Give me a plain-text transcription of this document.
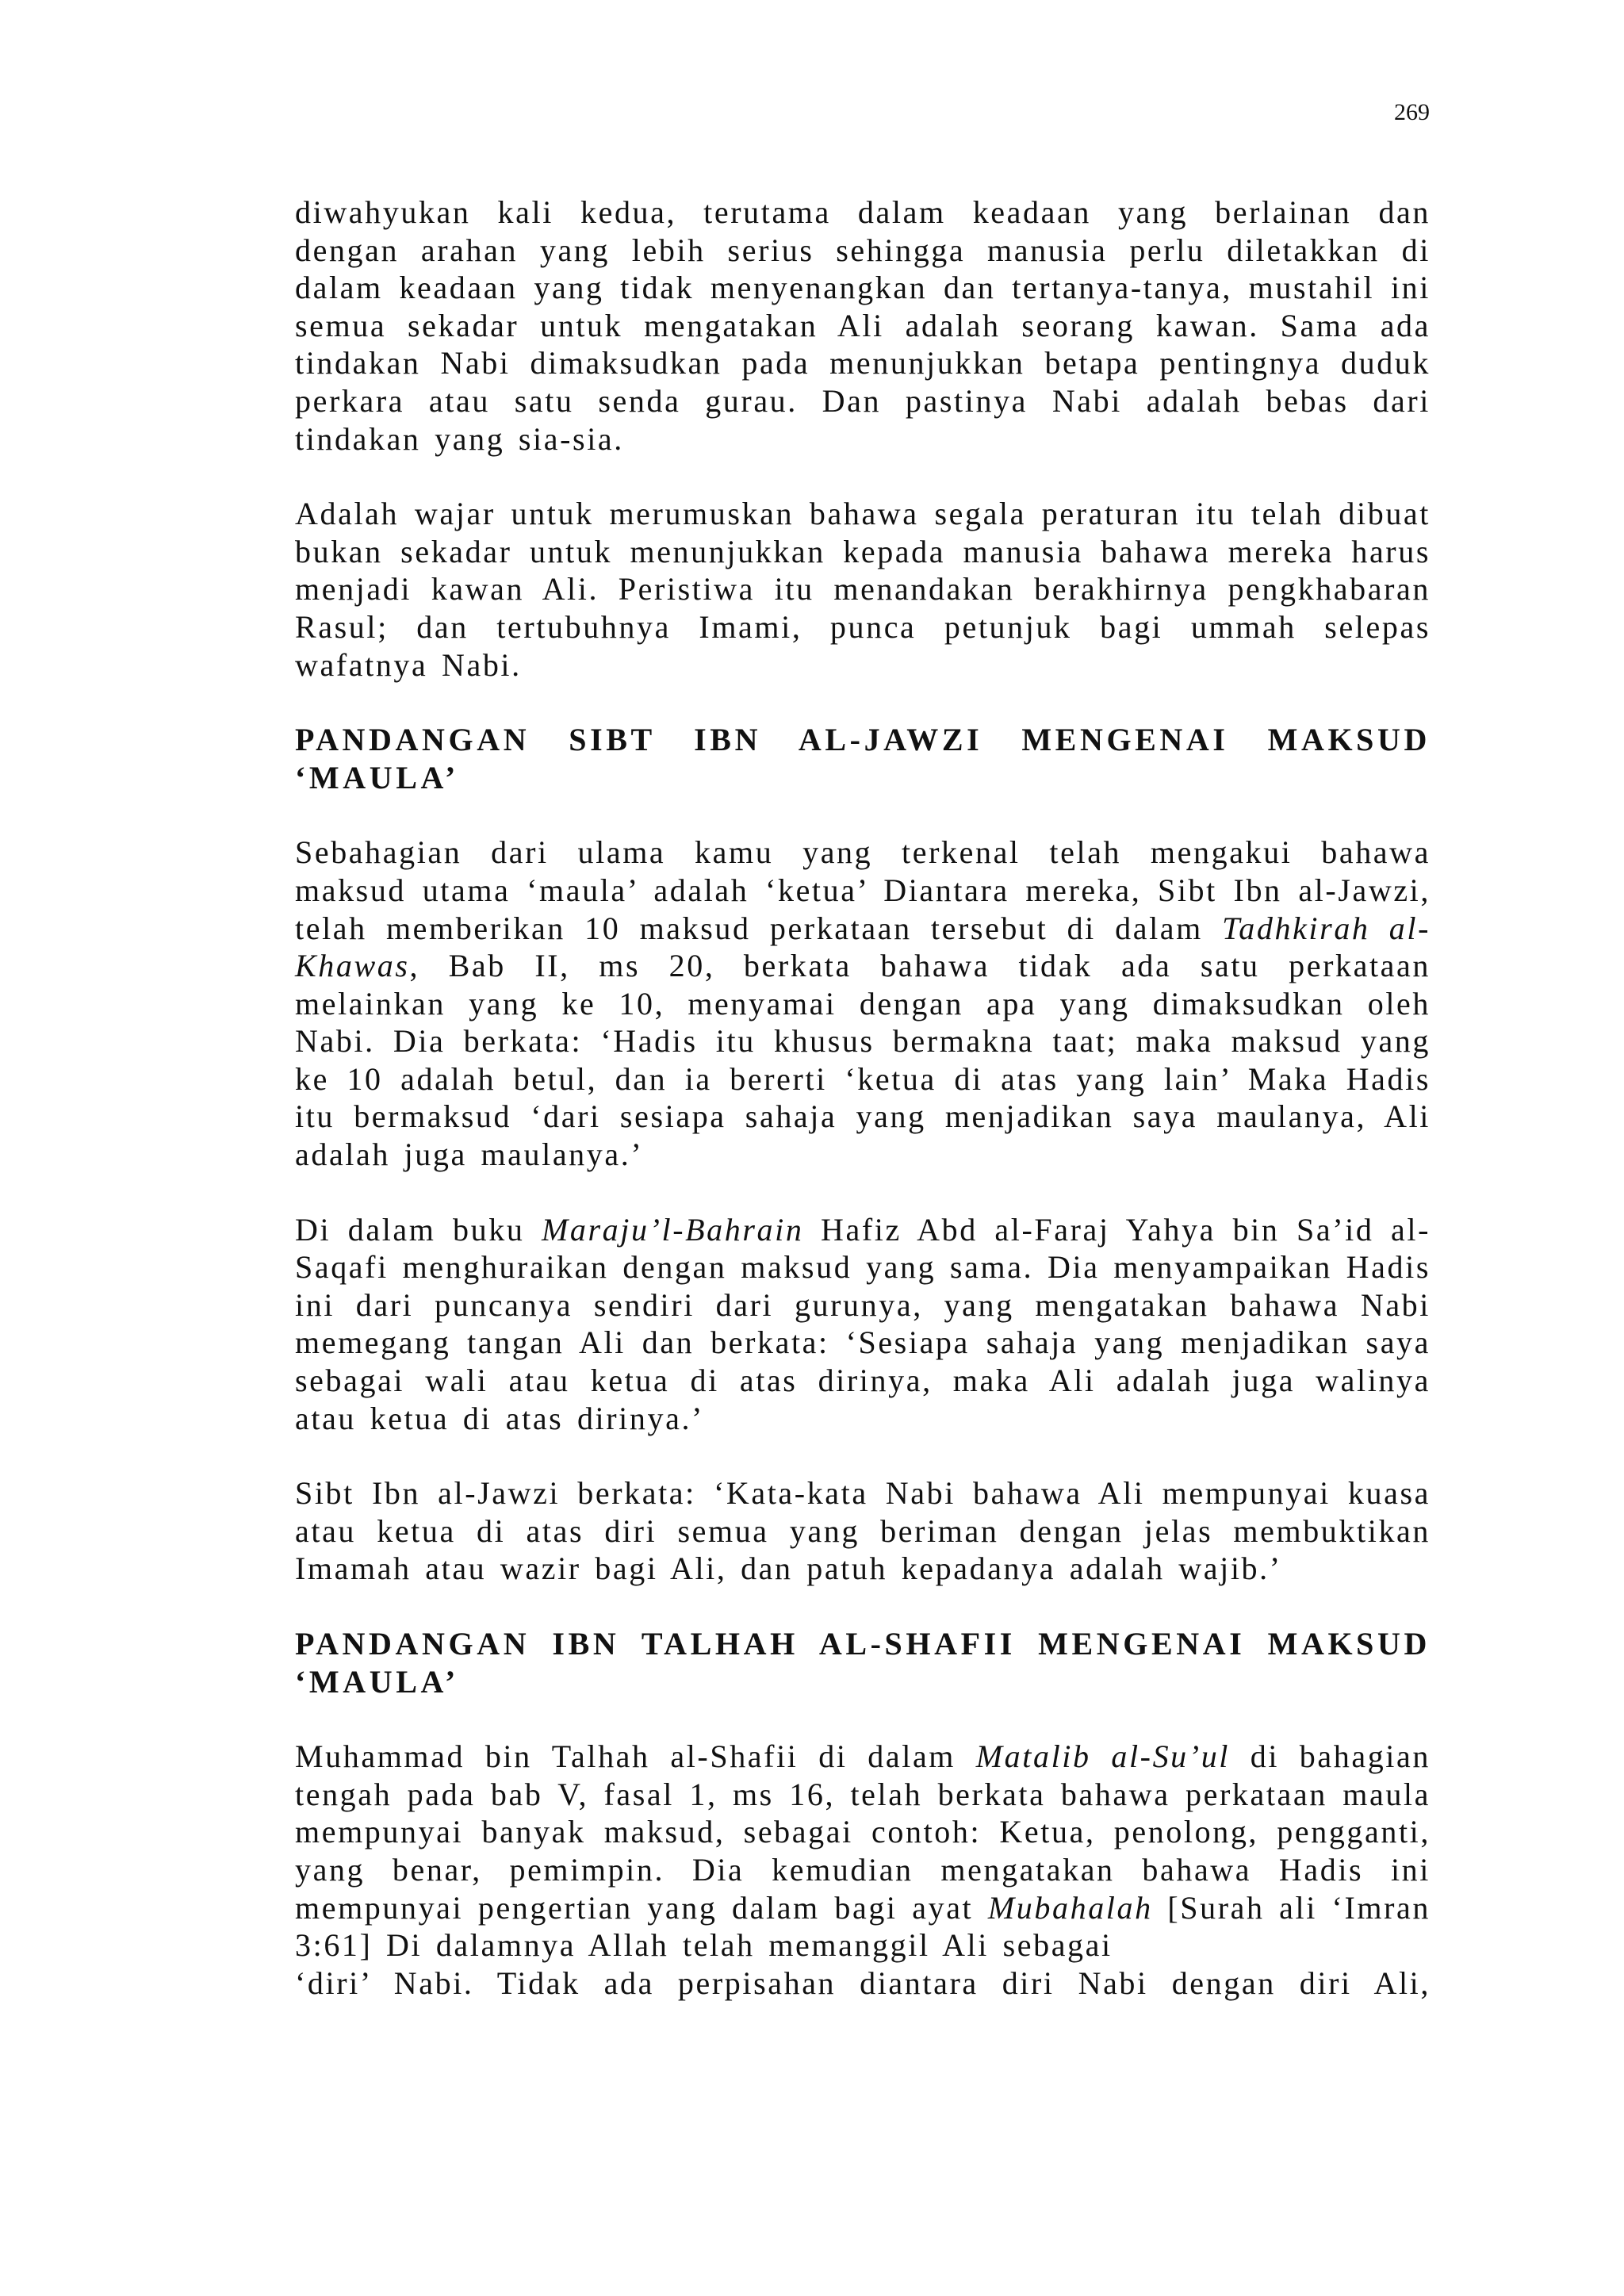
269

diwahyukan kali kedua, terutama dalam keadaan yang berlainan dan dengan arahan yang lebih serius sehingga manusia perlu diletakkan di dalam keadaan yang tidak menyenangkan dan tertanya-tanya, mustahil ini semua sekadar untuk mengatakan Ali adalah seorang kawan. Sama ada tindakan Nabi dimaksudkan pada menunjukkan betapa pentingnya duduk perkara atau satu senda gurau. Dan pastinya Nabi adalah bebas dari tindakan yang sia-sia.

Adalah wajar untuk merumuskan bahawa segala peraturan itu telah dibuat bukan sekadar untuk menunjukkan kepada manusia bahawa mereka harus menjadi kawan Ali. Peristiwa itu menandakan berakhirnya pengkhabaran Rasul; dan tertubuhnya Imami, punca petunjuk bagi ummah selepas wafatnya Nabi.

PANDANGAN SIBT IBN AL-JAWZI MENGENAI MAKSUD
‘MAULA’

Sebahagian dari ulama kamu yang terkenal telah mengakui bahawa maksud utama ‘maula’ adalah ‘ketua’ Diantara mereka, Sibt Ibn al-Jawzi, telah memberikan 10 maksud perkataan tersebut di dalam Tadhkirah al-Khawas, Bab II, ms 20, berkata bahawa tidak ada satu perkataan melainkan yang ke 10, menyamai dengan apa yang dimaksudkan oleh Nabi. Dia berkata: ‘Hadis itu khusus bermakna taat; maka maksud yang ke 10 adalah betul, dan ia bererti ‘ketua di atas yang lain’ Maka Hadis itu bermaksud ‘dari sesiapa sahaja yang menjadikan saya maulanya, Ali adalah juga maulanya.’

Di dalam buku Maraju’l-Bahrain Hafiz Abd al-Faraj Yahya bin Sa’id al-Saqafi menghuraikan dengan maksud yang sama. Dia menyampaikan Hadis ini dari puncanya sendiri dari gurunya, yang mengatakan bahawa Nabi memegang tangan Ali dan berkata: ‘Sesiapa sahaja yang menjadikan saya sebagai wali atau ketua di atas dirinya, maka Ali adalah juga walinya atau ketua di atas dirinya.’

Sibt Ibn al-Jawzi berkata: ‘Kata-kata Nabi bahawa Ali mempunyai kuasa atau ketua di atas diri semua yang beriman dengan jelas membuktikan Imamah atau wazir bagi Ali, dan patuh kepadanya adalah wajib.’

PANDANGAN IBN TALHAH AL-SHAFII MENGENAI MAKSUD
‘MAULA’

Muhammad bin Talhah al-Shafii di dalam Matalib al-Su’ul di bahagian tengah pada bab V, fasal 1, ms 16, telah berkata bahawa perkataan maula mempunyai banyak maksud, sebagai contoh: Ketua, penolong, pengganti, yang benar, pemimpin. Dia kemudian mengatakan bahawa Hadis ini mempunyai pengertian yang dalam bagi ayat Mubahalah [Surah ali ‘Imran 3:61] Di dalamnya Allah telah memanggil Ali sebagai
‘diri’ Nabi. Tidak ada perpisahan diantara diri Nabi dengan diri Ali,
